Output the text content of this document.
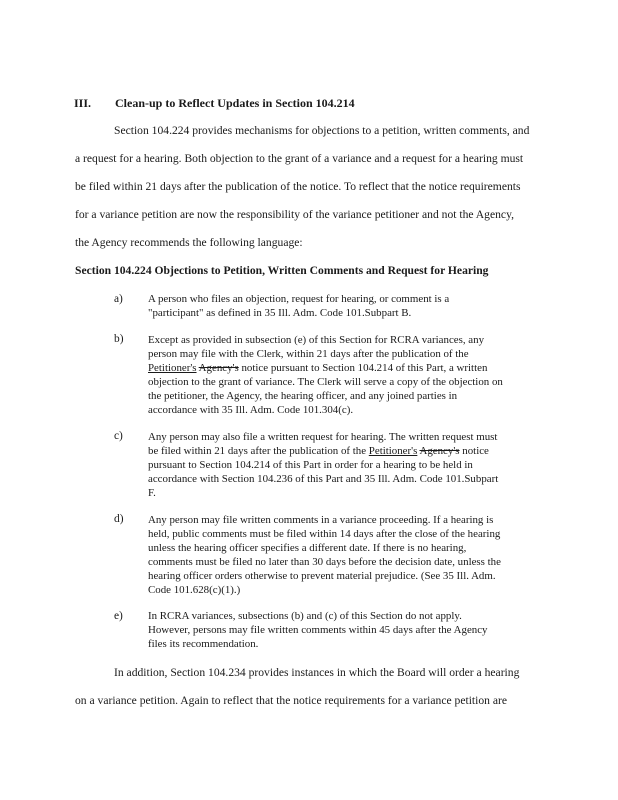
III. Clean-up to Reflect Updates in Section 104.214
Section 104.224 provides mechanisms for objections to a petition, written comments, and
a request for a hearing. Both objection to the grant of a variance and a request for a hearing must
be filed within 21 days after the publication of the notice. To reflect that the notice requirements
for a variance petition are now the responsibility of the variance petitioner and not the Agency,
the Agency recommends the following language:
Section 104.224 Objections to Petition, Written Comments and Request for Hearing
a) A person who files an objection, request for hearing, or comment is a
"participant" as defined in 35 Ill. Adm. Code 101.Subpart B.
b) Except as provided in subsection (e) of this Section for RCRA variances, any
person may file with the Clerk, within 21 days after the publication of the
Petitioner's Agency's notice pursuant to Section 104.214 of this Part, a written
objection to the grant of variance. The Clerk will serve a copy of the objection on
the petitioner, the Agency, the hearing officer, and any joined parties in
accordance with 35 Ill. Adm. Code 101.304(c).
c) Any person may also file a written request for hearing. The written request must
be filed within 21 days after the publication of the Petitioner's Agency's notice
pursuant to Section 104.214 of this Part in order for a hearing to be held in
accordance with Section 104.236 of this Part and 35 Ill. Adm. Code 101.Subpart
F.
d) Any person may file written comments in a variance proceeding. If a hearing is
held, public comments must be filed within 14 days after the close of the hearing
unless the hearing officer specifies a different date. If there is no hearing,
comments must be filed no later than 30 days before the decision date, unless the
hearing officer orders otherwise to prevent material prejudice. (See 35 Ill. Adm.
Code 101.628(c)(1).)
e) In RCRA variances, subsections (b) and (c) of this Section do not apply.
However, persons may file written comments within 45 days after the Agency
files its recommendation.
In addition, Section 104.234 provides instances in which the Board will order a hearing
on a variance petition. Again to reflect that the notice requirements for a variance petition are
